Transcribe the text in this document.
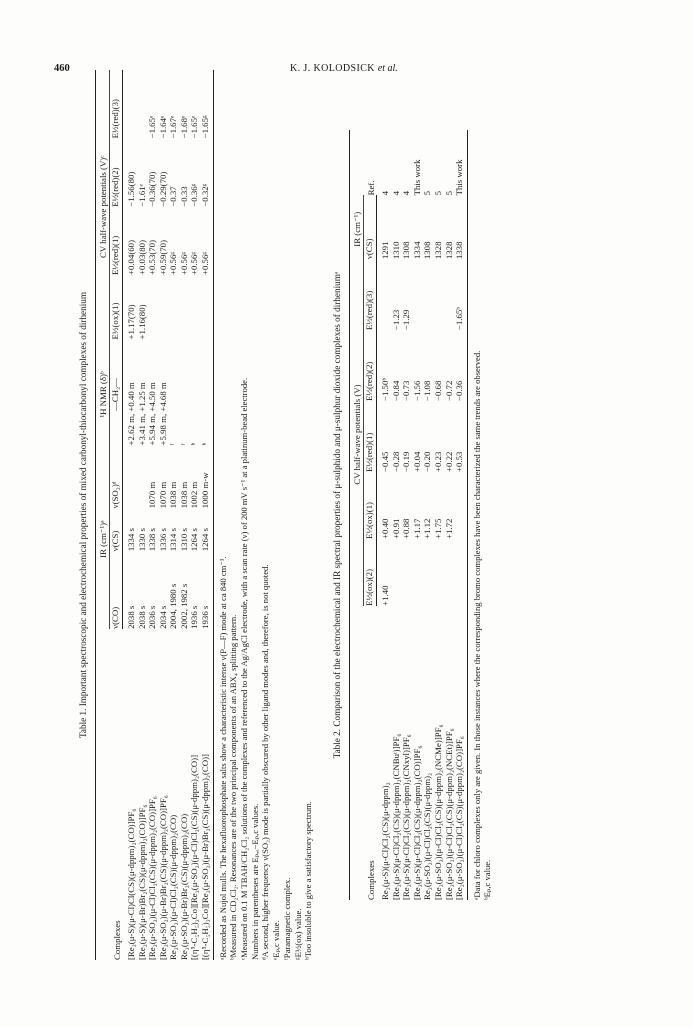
460	K. J. KOLODSICK et al.

Table 1. Important spectroscopic and electrochemical properties of mixed carbonyl-thiocarbonyl complexes of dirhenium

Complexes	IR (cm⁻¹)ᵃ			¹H NMR (δ)ᵇ	CV half-wave potentials (V)ᶜ			
	ν(CO)	ν(CS)	ν(SO₂)ᵈ	—CH₂—	E½(ox)(1)	E½(red)(1)	E½(red)(2)	E½(red)(3)
[Re₂(μ-S)(μ-Cl)Cl(CS)(μ-dppm)₂(CO)]PF₆	2038 s	1334 s		+2.62 m, +0.40 m	+1.17(70)	+0.04(60)	−1.56(80)	
[Re₂(μ-S)(μ-Br)Br₂(CS)(μ-dppm)₂(CO)]PF₆	2038 s	1330 s		+3.41 m, +1.25 m	+1.16(80)	+0.03(80)	−1.61ᵉ	
[Re₂(μ-SO₂)(μ-Cl)Cl₂(CS)(μ-dppm)₂(CO)]PF₆	2036 s	1338 s	1070 m	+5.94 m, +4.50 m		+0.53(70)	−0.36(70)	−1.65ᵉ
[Re₂(μ-SO₂)(μ-Br)Br₂(CS)(μ-dppm)₂(CO)]PF₆	2034 s	1336 s	1070 m	+5.98 m, +4.68 m		+0.59(70)	−0.29(70)	−1.64ᵉ
Re₂(μ-SO₂)(μ-Cl)Cl₂(CS)(μ-dppm)₂(CO)	2004, 1980 s	1314 s	1038 m	ᶠ		+0.56ᵍ	−0.37	−1.67ᵉ
Re₂(μ-SO₂)(μ-Br)Br₂(CS)(μ-dppm)₂(CO)	2002, 1982 s	1310 s	1038 m	ᶠ		+0.56ᵍ	−0.33	−1.68ᵉ
[(η⁵-C₅H₅)₂Co][Re₂(μ-SO₂)(μ-Cl)Cl₂(CS)(μ-dppm)₂(CO)]	1936 s	1264 s	1002 m	ʰ		+0.56ᵍ	−0.36ᵍ	−1.65ᵉ
[(η⁵-C₅H₅)₂Co][Re₂(μ-SO₂)(μ-Br)Br₂(CS)(μ-dppm)₂(CO)]	1936 s	1264 s	1000 m-w	ʰ		+0.56ᵍ	−0.32ᵍ	−1.65ᵍ

ᵃRecorded as Nujol mulls. The hexafluorophosphate salts show a characteristic intense ν(P—F) mode at ca 840 cm⁻¹. ᵇMeasured in CD₂Cl₂. Resonances are of the two principal components of an ABX₄ splitting pattern. ᶜMeasured on 0.1 M TBAH/CH₂Cl₂ solutions of the complexes and referenced to the Ag/AgCl electrode, with a scan rate (ν) of 200 mV s⁻¹ at a platinum-bead electrode. Numbers in parentheses are Eₚ,ₐ−Eₚ,c values. ᵈA second, higher frequency ν(SO₂) mode is partially obscured by other ligand modes and, therefore, is not quoted. ᵉEₚ,c value. ᶠParamagnetic complex. ᵍE½(ox) value. ʰToo insoluble to give a satisfactory spectrum.

Table 2. Comparison of the electrochemical and IR spectral properties of μ-sulphido and μ-sulphur dioxide complexes of dirheniumᵃ

Complexes	CV half-wave potentials (V)					IR (cm⁻¹)	Ref.
	E½(ox)(2)	E½(ox)(1)	E½(red)(1)	E½(red)(2)	E½(red)(3)	ν(CS)	
Re₂(μ-S)(μ-Cl)Cl₂(CS)(μ-dppm)₂	+1.40	+0.40	−0.45	−1.50ᵇ		1291	4
[Re₂(μ-S)(μ-Cl)Cl₂(CS)(μ-dppm)₂(CNBuᵗ)]PF₆		+0.91	−0.28	−0.84	−1.23	1310	4
[Re₂(μ-S)(μ-Cl)Cl₂(CS)(μ-dppm)₂(CNxyl)]PF₆		+0.88	−0.19	−0.73	−1.29	1308	4
[Re₂(μ-S)(μ-Cl)Cl₂(CS)(μ-dppm)₂(CO)]PF₆		+1.17	+0.04	−1.56		1334	This work
Re₂(μ-SO₂)(μ-Cl)Cl₂(CS)(μ-dppm)₂		+1.12	−0.20	−1.08		1308	5
[Re₂(μ-SO₂)(μ-Cl)Cl₂(CS)(μ-dppm)₂(NCMe)]PF₆		+1.75	+0.23	−0.68		1328	5
[Re₂(μ-SO₂)(μ-Cl)Cl₂(CS)(μ-dppm)₂(NCEt)]PF₆		+1.72	+0.22	−0.72		1328	5
[Re₂(μ-SO₂)(μ-Cl)Cl₂(CS)(μ-dppm)₂(CO)]PF₆			+0.53	−0.36	−1.65ᵇ	1338	This work

ᵃData for chloro complexes only are given. In those instances where the corresponding bromo complexes have been characterized the same trends are observed. ᵇEₚ,c value.
